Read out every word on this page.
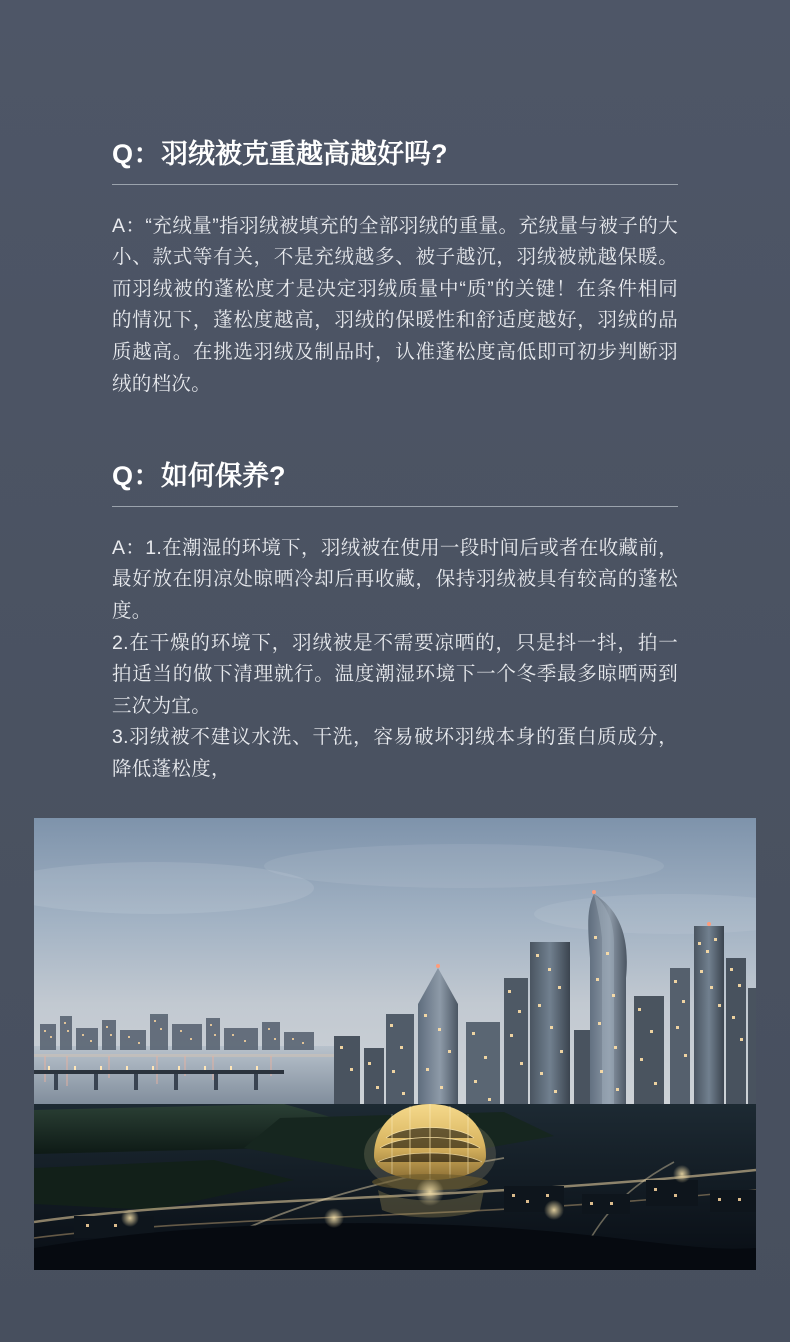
Q： 羽绒被克重越高越好吗?

A：“充绒量”指羽绒被填充的全部羽绒的重量。充绒量与被子的大小、款式等有关，不是充绒越多、被子越沉，羽绒被就越保暖。而羽绒被的蓬松度才是决定羽绒质量中“质”的关键！在条件相同的情况下，蓬松度越高，羽绒的保暖性和舒适度越好，羽绒的品质越高。在挑选羽绒及制品时，认准蓬松度高低即可初步判断羽绒的档次。

Q： 如何保养?

A：1.在潮湿的环境下，羽绒被在使用一段时间后或者在收藏前，最好放在阴凉处晾晒冷却后再收藏，保持羽绒被具有较高的蓬松度。

2.在干燥的环境下，羽绒被是不需要凉晒的，只是抖一抖，拍一拍适当的做下清理就行。温度潮湿环境下一个冬季最多晾晒两到三次为宜。

3.羽绒被不建议水洗、干洗，容易破坏羽绒本身的蛋白质成分，降低蓬松度，
